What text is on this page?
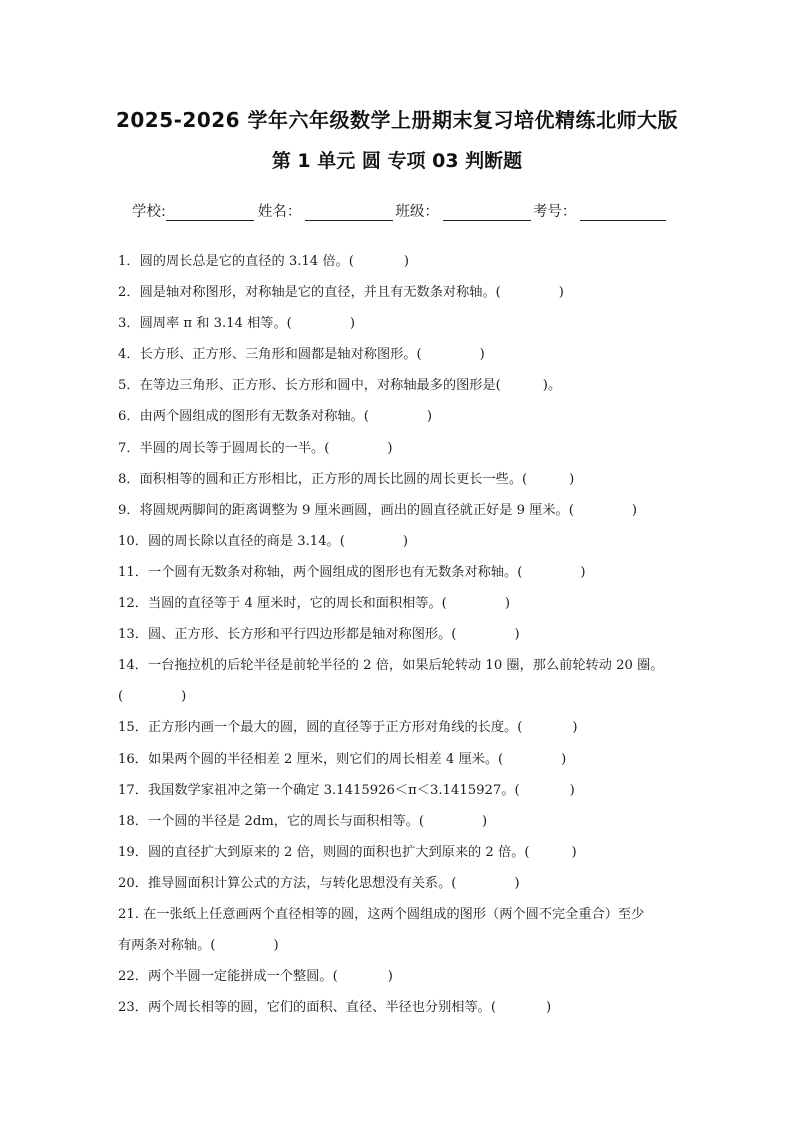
2025-2026 学年六年级数学上册期末复习培优精练北师大版
第 1 单元 圆 专项 03 判断题
学校:	姓名：	班级：	考号：
1．圆的周长总是它的直径的 3.14 倍。(	)
2．圆是轴对称图形，对称轴是它的直径，并且有无数条对称轴。(	)
3．圆周率 π 和 3.14 相等。(	)
4．长方形、正方形、三角形和圆都是轴对称图形。(	)
5．在等边三角形、正方形、长方形和圆中，对称轴最多的图形是(	)。
6．由两个圆组成的图形有无数条对称轴。(	)
7．半圆的周长等于圆周长的一半。(	)
8．面积相等的圆和正方形相比，正方形的周长比圆的周长更长一些。(	)
9．将圆规两脚间的距离调整为 9 厘米画圆，画出的圆直径就正好是 9 厘米。(	)
10．圆的周长除以直径的商是 3.14。(	)
11．一个圆有无数条对称轴，两个圆组成的图形也有无数条对称轴。(	)
12．当圆的直径等于 4 厘米时，它的周长和面积相等。(	)
13．圆、正方形、长方形和平行四边形都是轴对称图形。(	)
14．一台拖拉机的后轮半径是前轮半径的 2 倍，如果后轮转动 10 圈，那么前轮转动 20 圈。
(	)
15．正方形内画一个最大的圆，圆的直径等于正方形对角线的长度。(	)
16．如果两个圆的半径相差 2 厘米，则它们的周长相差 4 厘米。(	)
17．我国数学家祖冲之第一个确定 3.1415926＜π＜3.1415927。(	)
18．一个圆的半径是 2dm，它的周长与面积相等。(	)
19．圆的直径扩大到原来的 2 倍，则圆的面积也扩大到原来的 2 倍。(	)
20．推导圆面积计算公式的方法，与转化思想没有关系。(	)
21. 在一张纸上任意画两个直径相等的圆，这两个圆组成的图形（两个圆不完全重合）至少
有两条对称轴。(	)
22．两个半圆一定能拼成一个整圆。(	)
23．两个周长相等的圆，它们的面积、直径、半径也分别相等。(	)
